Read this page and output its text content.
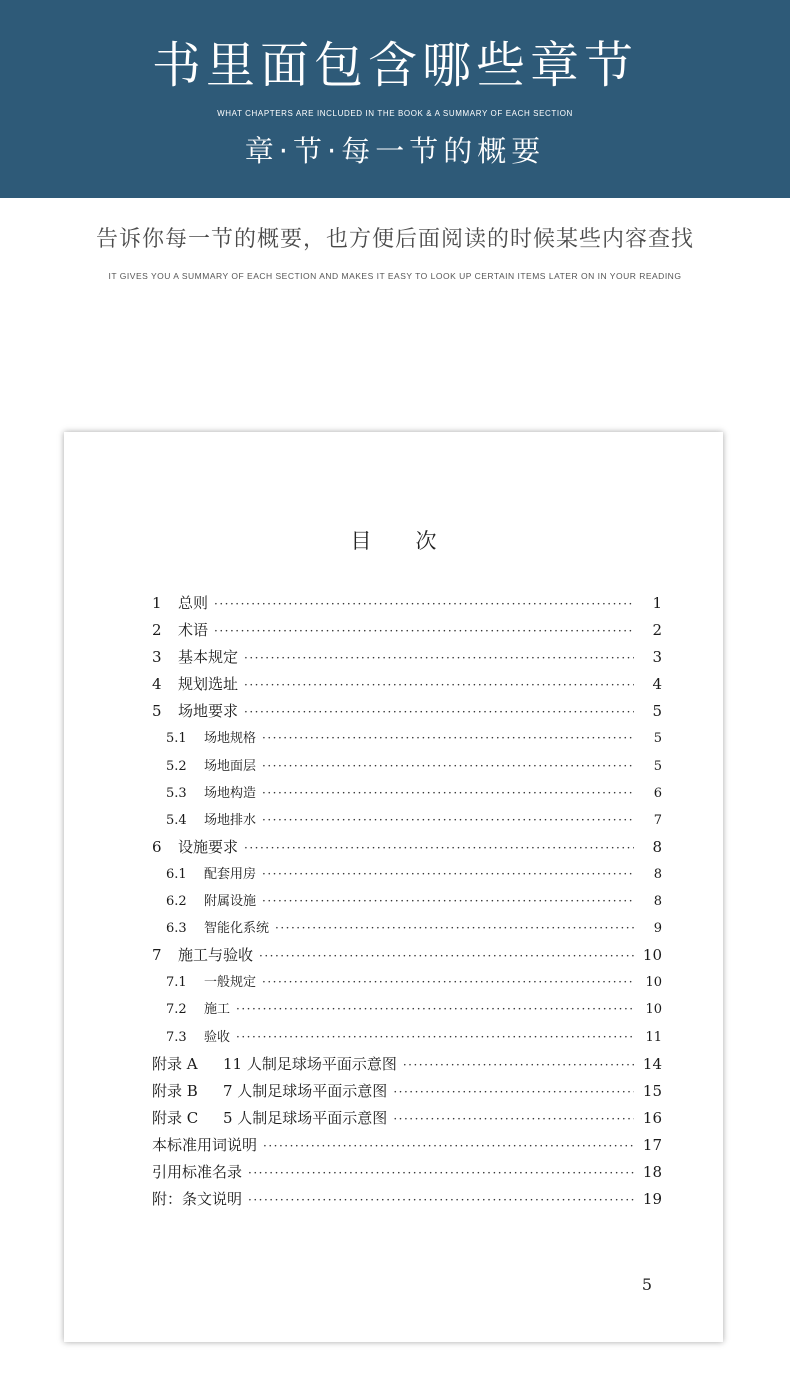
书里面包含哪些章节
WHAT CHAPTERS ARE INCLUDED IN THE BOOK & A SUMMARY OF EACH SECTION
章·节·每一节的概要
告诉你每一节的概要，也方便后面阅读的时候某些内容查找
IT GIVES YOU A SUMMARY OF EACH SECTION AND MAKES IT EASY TO LOOK UP CERTAIN ITEMS LATER ON IN YOUR READING
目次
1	总则 ·····	1
2	术语 ·····	2
3	基本规定 ·····	3
4	规划选址 ·····	4
5	场地要求 ·····	5
5.1	场地规格 ·····	5
5.2	场地面层 ·····	5
5.3	场地构造 ·····	6
5.4	场地排水 ·····	7
6	设施要求 ·····	8
6.1	配套用房 ·····	8
6.2	附属设施 ·····	8
6.3	智能化系统 ·····	9
7	施工与验收 ·····	10
7.1	一般规定 ·····	10
7.2	施工 ·····	10
7.3	验收 ·····	11
附录 A	11 人制足球场平面示意图 ·····	14
附录 B	7 人制足球场平面示意图 ·····	15
附录 C	5 人制足球场平面示意图 ·····	16
本标准用词说明 ·····	17
引用标准名录 ·····	18
附：条文说明 ·····	19
5
